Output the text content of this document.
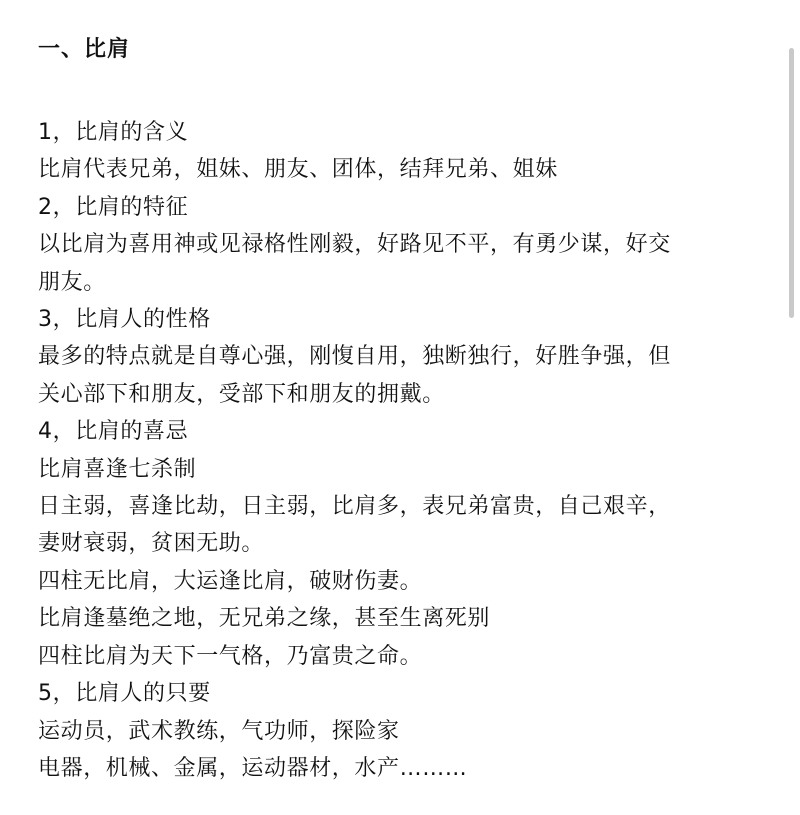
一、比肩
1，比肩的含义
比肩代表兄弟，姐妹、朋友、团体，结拜兄弟、姐妹
2，比肩的特征
以比肩为喜用神或见禄格性刚毅，好路见不平，有勇少谋，好交
朋友。
3，比肩人的性格
最多的特点就是自尊心强，刚愎自用，独断独行，好胜争强，但
关心部下和朋友，受部下和朋友的拥戴。
4，比肩的喜忌
比肩喜逢七杀制
日主弱，喜逢比劫，日主弱，比肩多，表兄弟富贵，自己艰辛，
妻财衰弱，贫困无助。
四柱无比肩，大运逢比肩，破财伤妻。
比肩逢墓绝之地，无兄弟之缘，甚至生离死别
四柱比肩为天下一气格，乃富贵之命。
5，比肩人的只要
运动员，武术教练，气功师，探险家
电器，机械、金属，运动器材，水产………
